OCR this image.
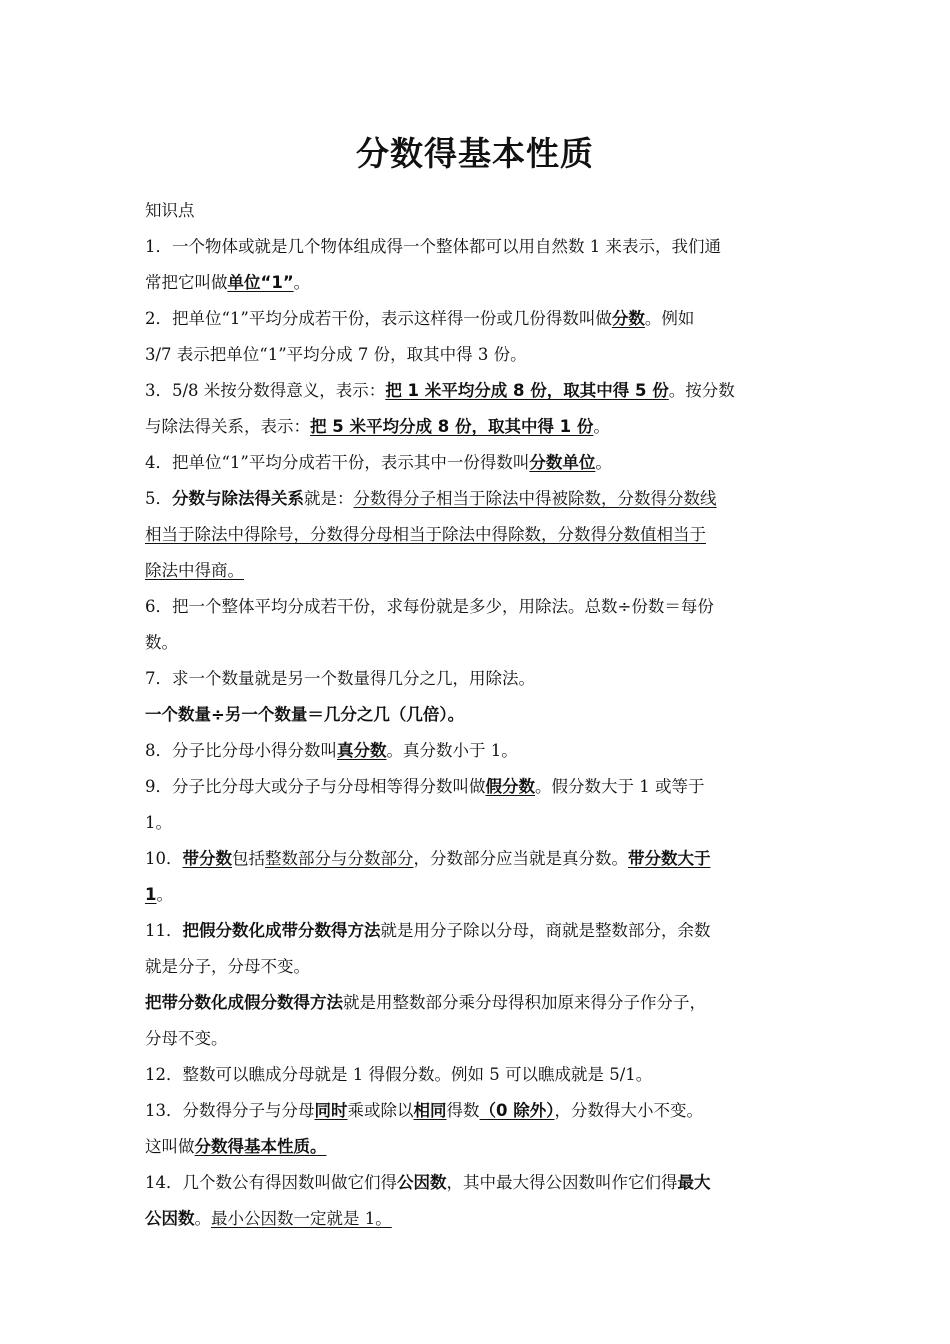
分数得基本性质
知识点
1．一个物体或就是几个物体组成得一个整体都可以用自然数 1 来表示，我们通
常把它叫做单位“1”。
2．把单位“1”平均分成若干份，表示这样得一份或几份得数叫做分数。例如
3/7 表示把单位“1”平均分成 7 份，取其中得 3 份。
3．5/8 米按分数得意义，表示：把 1 米平均分成 8 份，取其中得 5 份。按分数
与除法得关系，表示：把 5 米平均分成 8 份，取其中得 1 份。
4．把单位“1”平均分成若干份，表示其中一份得数叫分数单位。
5．分数与除法得关系就是：分数得分子相当于除法中得被除数，分数得分数线
相当于除法中得除号，分数得分母相当于除法中得除数，分数得分数值相当于
除法中得商。
6．把一个整体平均分成若干份，求每份就是多少，用除法。总数÷份数＝每份
数。
7．求一个数量就是另一个数量得几分之几，用除法。
一个数量÷另一个数量＝几分之几（几倍）。
8．分子比分母小得分数叫真分数。真分数小于 1。
9．分子比分母大或分子与分母相等得分数叫做假分数。假分数大于 1 或等于
1。
10．带分数包括整数部分与分数部分，分数部分应当就是真分数。带分数大于
1。
11．把假分数化成带分数得方法就是用分子除以分母，商就是整数部分，余数
就是分子，分母不变。
把带分数化成假分数得方法就是用整数部分乘分母得积加原来得分子作分子，
分母不变。
12．整数可以瞧成分母就是 1 得假分数。例如 5 可以瞧成就是 5/1。
13．分数得分子与分母同时乘或除以相同得数（0 除外），分数得大小不变。
这叫做分数得基本性质。
14．几个数公有得因数叫做它们得公因数，其中最大得公因数叫作它们得最大
公因数。最小公因数一定就是 1。
